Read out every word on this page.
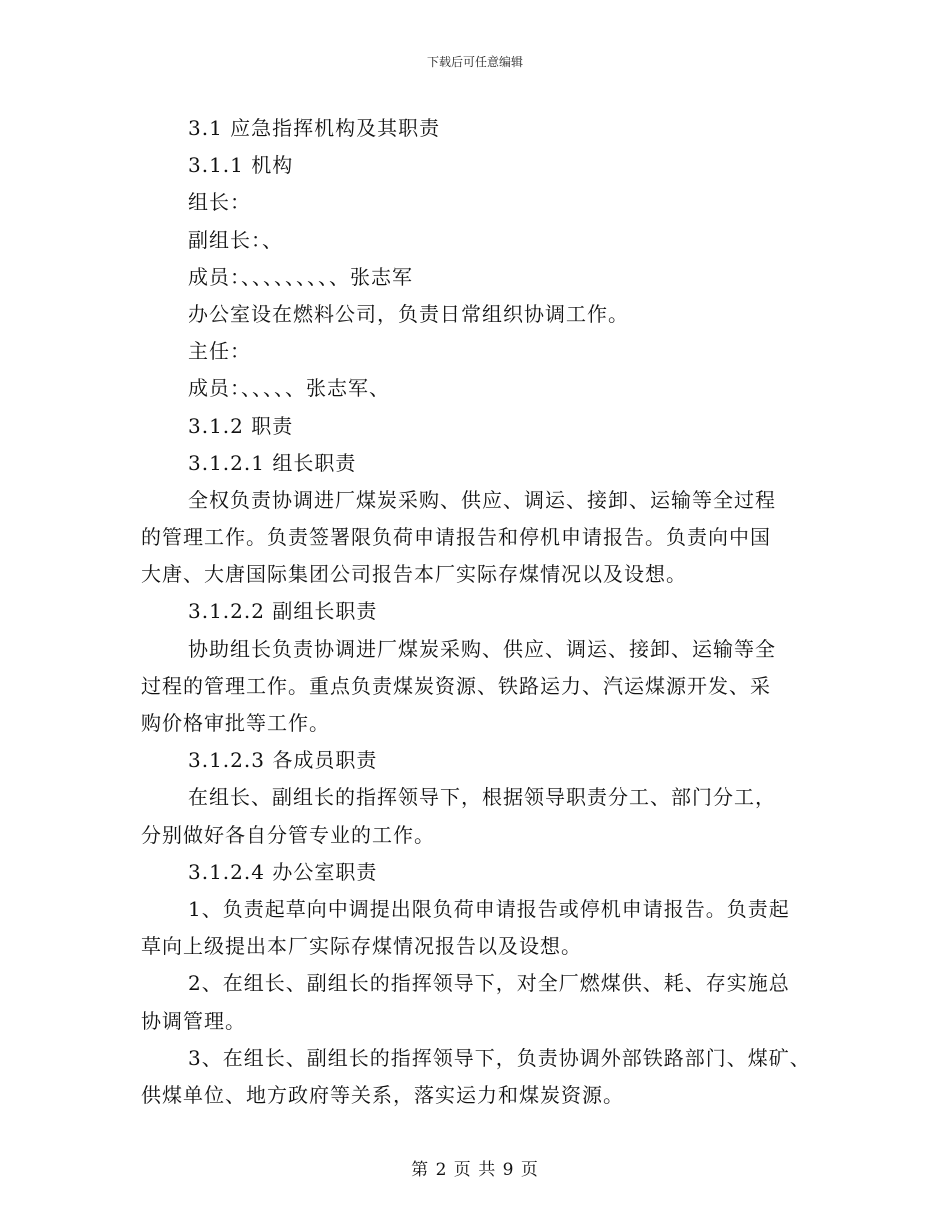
下载后可任意编辑
3.1 应急指挥机构及其职责
3.1.1 机构
组长：
副组长：、
成员：、、、、、、、、、张志军
办公室设在燃料公司，负责日常组织协调工作。
主任：
成员：、、、、、张志军、
3.1.2 职责
3.1.2.1 组长职责
全权负责协调进厂煤炭采购、供应、调运、接卸、运输等全过程
的管理工作。负责签署限负荷申请报告和停机申请报告。负责向中国
大唐、大唐国际集团公司报告本厂实际存煤情况以及设想。
3.1.2.2 副组长职责
协助组长负责协调进厂煤炭采购、供应、调运、接卸、运输等全
过程的管理工作。重点负责煤炭资源、铁路运力、汽运煤源开发、采
购价格审批等工作。
3.1.2.3 各成员职责
在组长、副组长的指挥领导下，根据领导职责分工、部门分工，
分别做好各自分管专业的工作。
3.1.2.4 办公室职责
1、负责起草向中调提出限负荷申请报告或停机申请报告。负责起
草向上级提出本厂实际存煤情况报告以及设想。
2、在组长、副组长的指挥领导下，对全厂燃煤供、耗、存实施总
协调管理。
3、在组长、副组长的指挥领导下，负责协调外部铁路部门、煤矿、
供煤单位、地方政府等关系，落实运力和煤炭资源。
第 2 页 共 9 页
